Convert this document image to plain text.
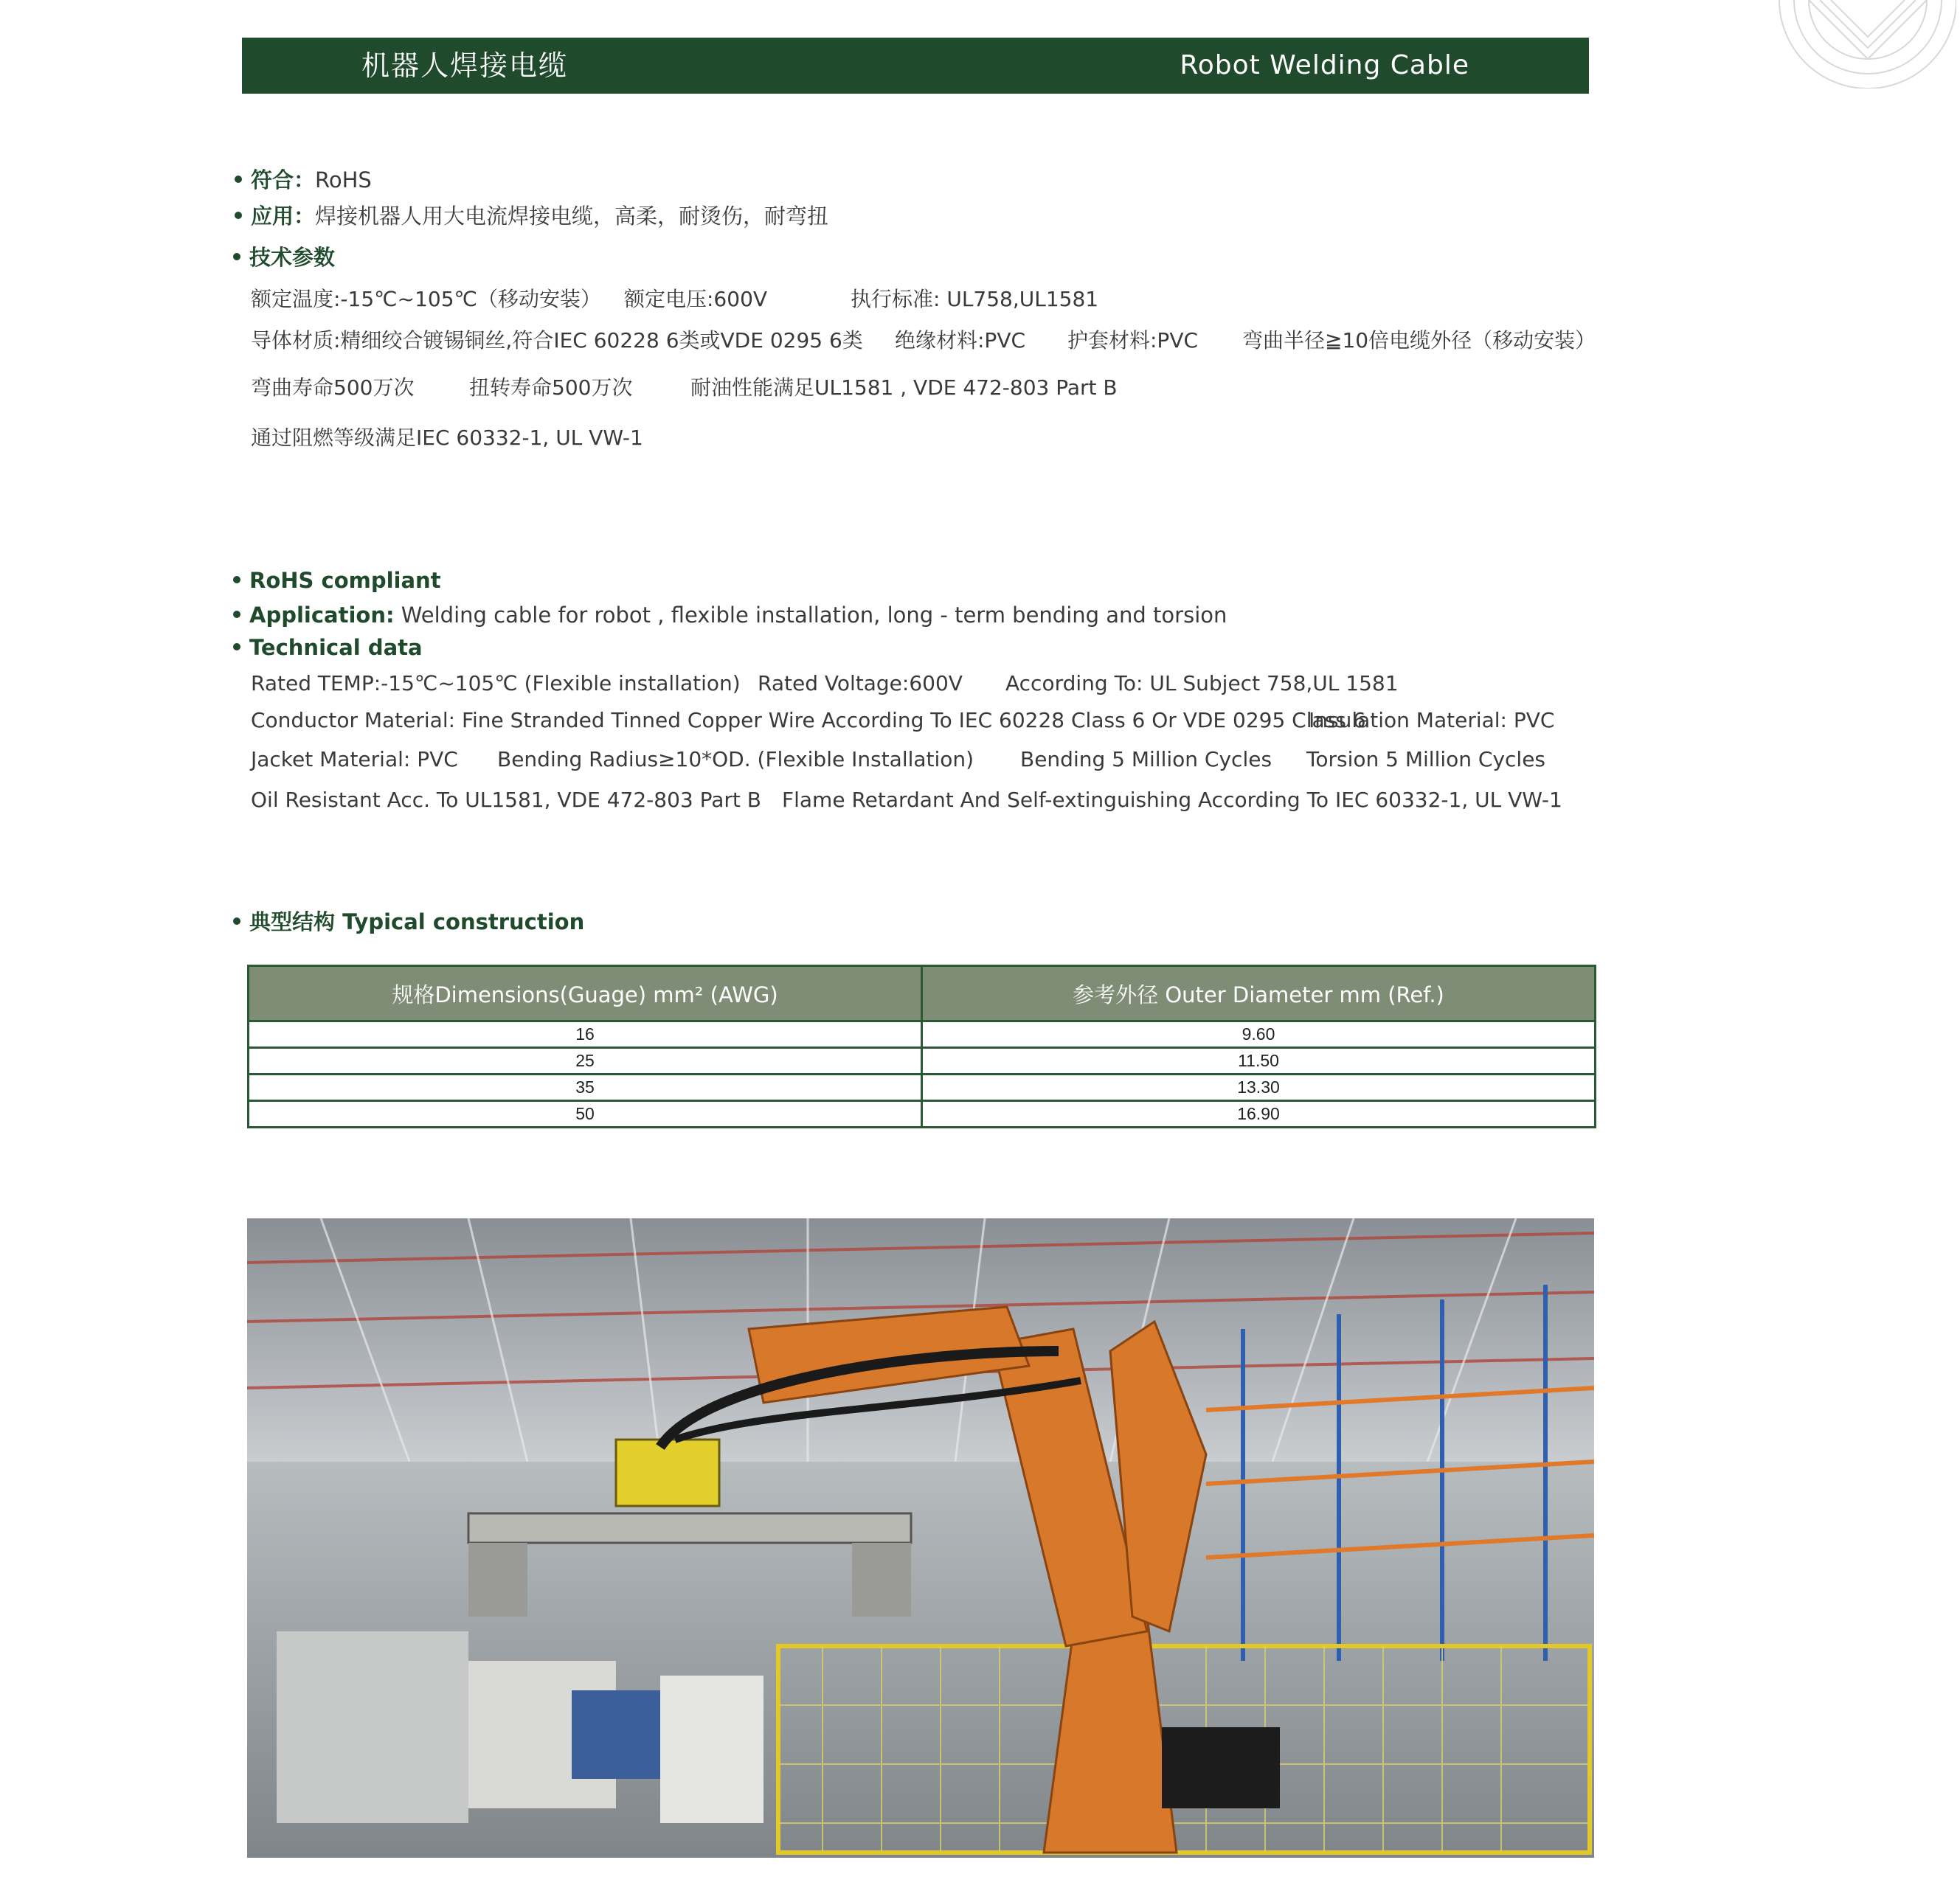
机器人焊接电缆	Robot Welding Cable
符合：RoHS
应用：焊接机器人用大电流焊接电缆，高柔，耐烫伤，耐弯扭
技术参数
额定温度:-15℃~105℃（移动安装） 额定电压:600V	执行标准: UL758,UL1581
导体材质:精细绞合镀锡铜丝,符合IEC 60228 6类或VDE 0295 6类 绝缘材料:PVC 护套材料:PVC 弯曲半径≧10倍电缆外径（移动安装）
弯曲寿命500万次	扭转寿命500万次	耐油性能满足UL1581 , VDE 472-803 Part B
通过阻燃等级满足IEC 60332-1, UL VW-1
RoHS compliant
Application: Welding cable for robot , flexible installation, long - term bending and torsion
Technical data
Rated TEMP:-15℃~105℃ (Flexible installation) Rated Voltage:600V According To: UL Subject 758,UL 1581
Conductor Material: Fine Stranded Tinned Copper Wire According To IEC 60228 Class 6 Or VDE 0295 Class 6
Insulation Material: PVC
Jacket Material: PVC Bending Radius≥10*OD. (Flexible Installation) Bending 5 Million Cycles Torsion 5 Million Cycles
Oil Resistant Acc. To UL1581, VDE 472-803 Part B Flame Retardant And Self-extinguishing According To IEC 60332-1, UL VW-1
典型结构 Typical construction
规格Dimensions(Guage) mm² (AWG)	参考外径 Outer Diameter mm (Ref.)
16	9.60
25	11.50
35	13.30
50	16.90
